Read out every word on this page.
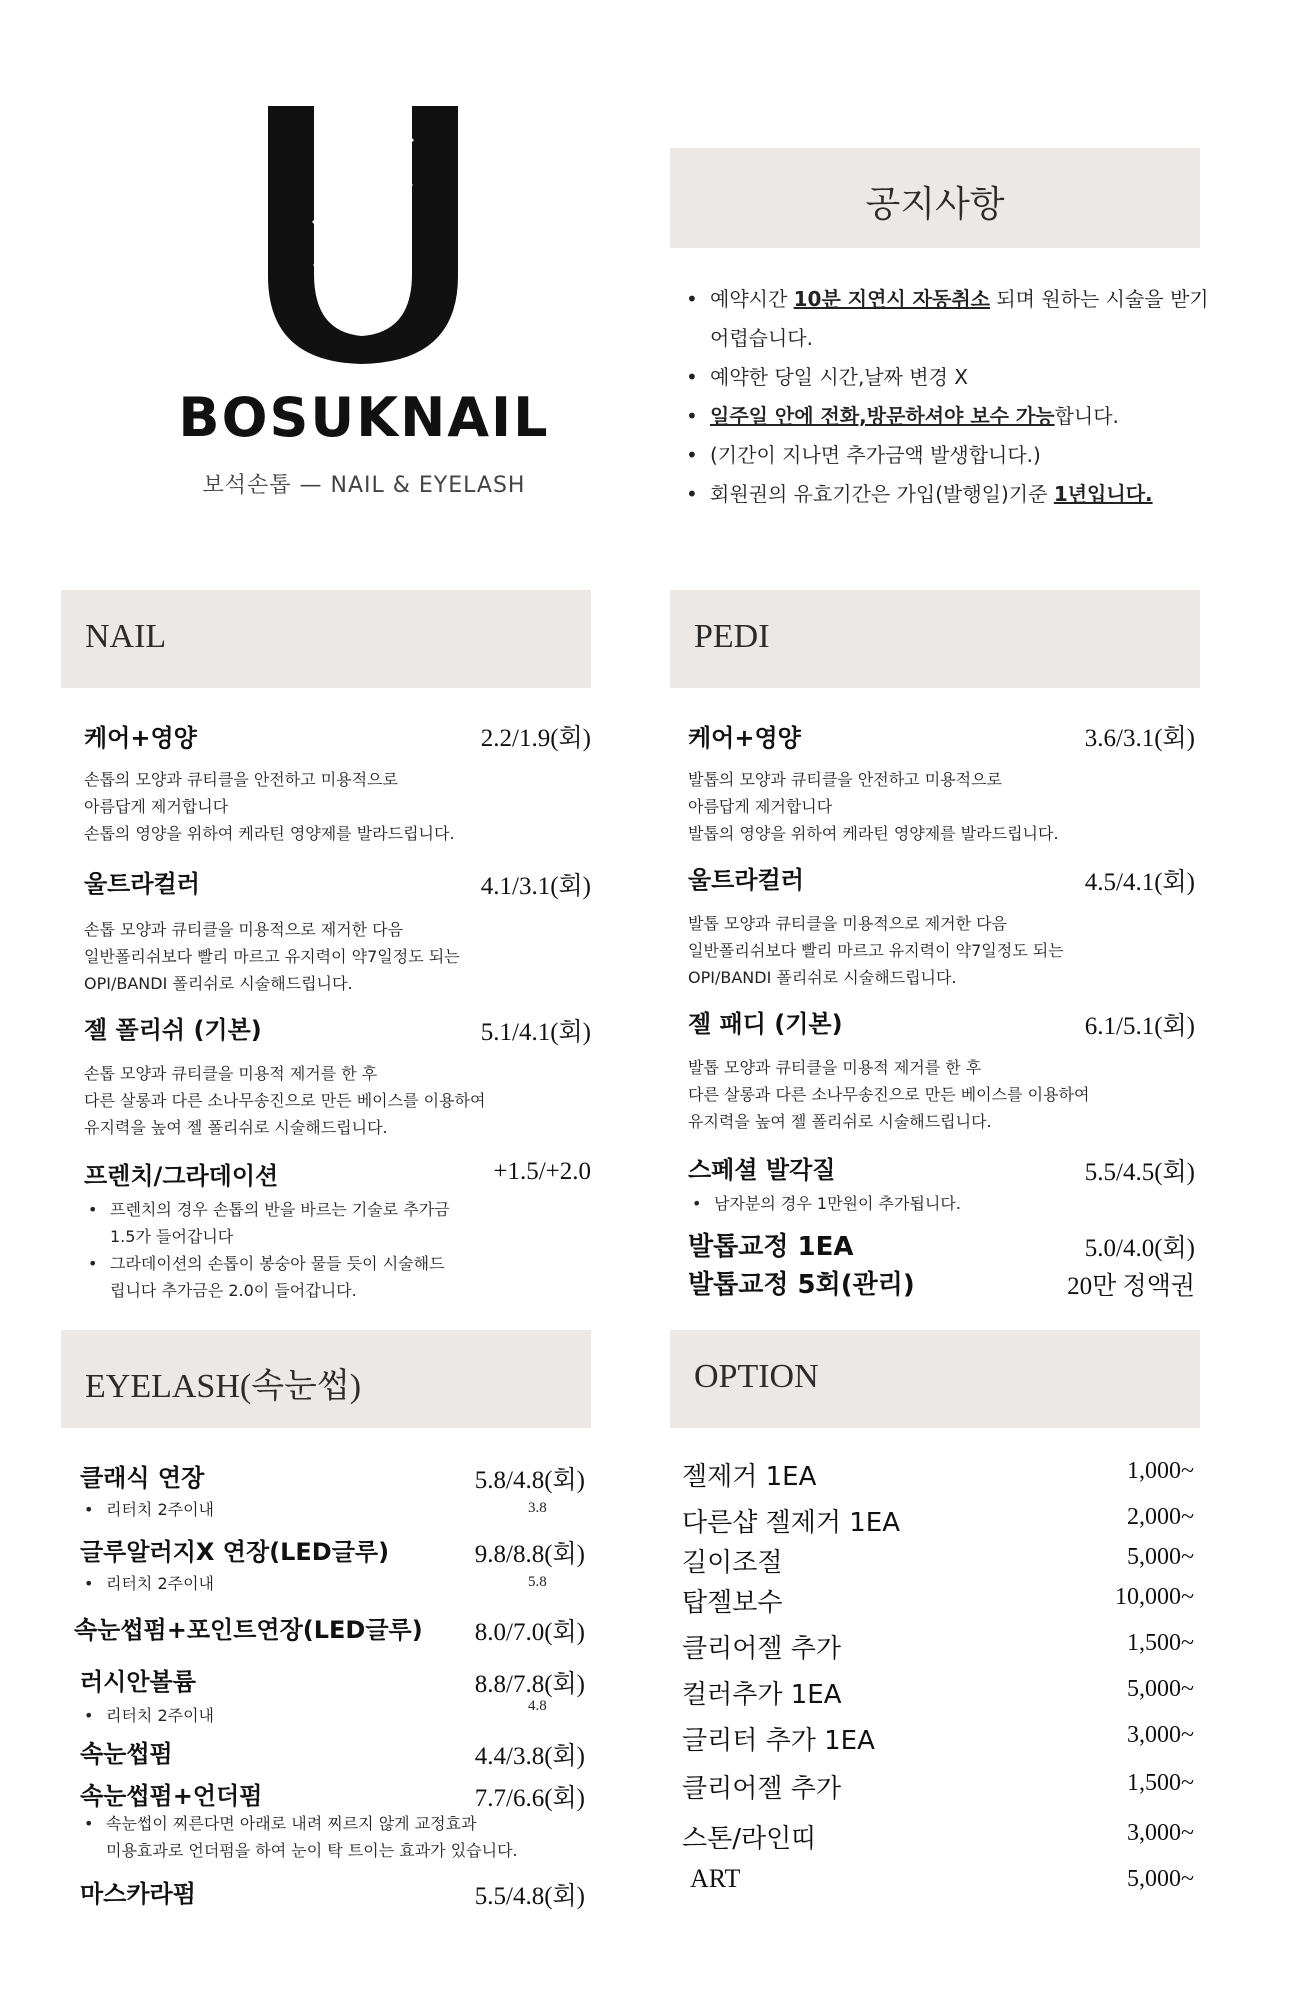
BOSUKNAIL
보석손톱 — NAIL & EYELASH
공지사항
• 예약시간 10분 지연시 자동취소 되며 원하는 시술을 받기 어렵습니다.
• 예약한 당일 시간,날짜 변경 X
• 일주일 안에 전화,방문하셔야 보수 가능합니다.
• (기간이 지나면 추가금액 발생합니다.)
• 회원권의 유효기간은 가입(발행일)기준 1년입니다.
NAIL
케어+영양	2.2/1.9(회)
손톱의 모양과 큐티클을 안전하고 미용적으로
아름답게 제거합니다
손톱의 영양을 위하여 케라틴 영양제를 발라드립니다.
울트라컬러	4.1/3.1(회)
손톱 모양과 큐티클을 미용적으로 제거한 다음
일반폴리쉬보다 빨리 마르고 유지력이 약7일정도 되는
OPI/BANDI 폴리쉬로 시술해드립니다.
젤 폴리쉬 (기본)	5.1/4.1(회)
손톱 모양과 큐티클을 미용적 제거를 한 후
다른 살롱과 다른 소나무송진으로 만든 베이스를 이용하여
유지력을 높여 젤 폴리쉬로 시술해드립니다.
프렌치/그라데이션	+1.5/+2.0
• 프렌치의 경우 손톱의 반을 바르는 기술로 추가금
1.5가 들어갑니다
• 그라데이션의 손톱이 봉숭아 물들 듯이 시술해드
립니다 추가금은 2.0이 들어갑니다.
PEDI
케어+영양	3.6/3.1(회)
발톱의 모양과 큐티클을 안전하고 미용적으로
아름답게 제거합니다
발톱의 영양을 위하여 케라틴 영양제를 발라드립니다.
울트라컬러	4.5/4.1(회)
발톱 모양과 큐티클을 미용적으로 제거한 다음
일반폴리쉬보다 빨리 마르고 유지력이 약7일정도 되는
OPI/BANDI 폴리쉬로 시술해드립니다.
젤 패디 (기본)	6.1/5.1(회)
발톱 모양과 큐티클을 미용적 제거를 한 후
다른 살롱과 다른 소나무송진으로 만든 베이스를 이용하여
유지력을 높여 젤 폴리쉬로 시술해드립니다.
스페셜 발각질	5.5/4.5(회)
• 남자분의 경우 1만원이 추가됩니다.
발톱교정 1EA	5.0/4.0(회)
발톱교정 5회(관리)	20만 정액권
EYELASH(속눈썹)
클래식 연장	5.8/4.8(회)
• 리터치 2주이내	3.8
글루알러지X 연장(LED글루)	9.8/8.8(회)
• 리터치 2주이내	5.8
속눈썹펌+포인트연장(LED글루)	8.0/7.0(회)
러시안볼륨	8.8/7.8(회)
• 리터치 2주이내	4.8
속눈썹펌	4.4/3.8(회)
속눈썹펌+언더펌	7.7/6.6(회)
• 속눈썹이 찌른다면 아래로 내려 찌르지 않게 교정효과
미용효과로 언더펌을 하여 눈이 탁 트이는 효과가 있습니다.
마스카라펌	5.5/4.8(회)
OPTION
젤제거 1EA	1,000~
다른샵 젤제거 1EA	2,000~
길이조절	5,000~
탑젤보수	10,000~
클리어젤 추가	1,500~
컬러추가 1EA	5,000~
글리터 추가 1EA	3,000~
클리어젤 추가	1,500~
스톤/라인띠	3,000~
ART	5,000~
